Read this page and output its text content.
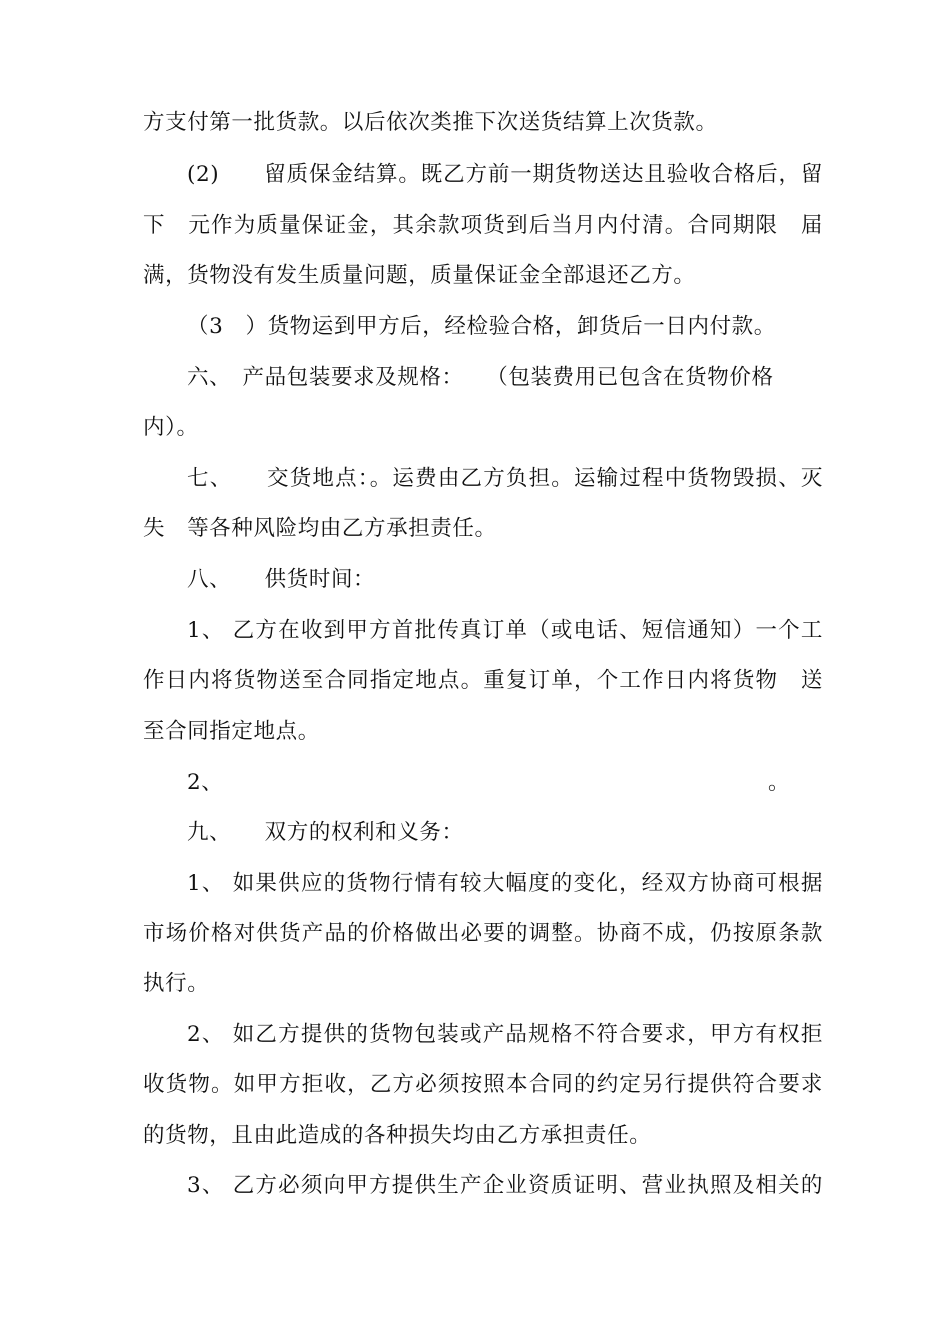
方支付第一批货款。以后依次类推下次送货结算上次货款。
(2)　　留质保金结算。既乙方前一期货物送达且验收合格后，留
下　元作为质量保证金，其余款项货到后当月内付清。合同期限　届
满，货物没有发生质量问题，质量保证金全部退还乙方。
（3　）货物运到甲方后，经检验合格，卸货后一日内付款。
六、　产品包装要求及规格：　　（包装费用已包含在货物价格
内）。
七、　　交货地点：。运费由乙方负担。运输过程中货物毁损、灭
失　等各种风险均由乙方承担责任。
八、　　供货时间：
1、 乙方在收到甲方首批传真订单（或电话、短信通知）一个工
作日内将货物送至合同指定地点。重复订单，个工作日内将货物　送
至合同指定地点。
2、	。
九、　　双方的权利和义务：
1、 如果供应的货物行情有较大幅度的变化，经双方协商可根据
市场价格对供货产品的价格做出必要的调整。协商不成，仍按原条款
执行。
2、 如乙方提供的货物包装或产品规格不符合要求，甲方有权拒
收货物。如甲方拒收，乙方必须按照本合同的约定另行提供符合要求
的货物，且由此造成的各种损失均由乙方承担责任。
3、 乙方必须向甲方提供生产企业资质证明、营业执照及相关的
